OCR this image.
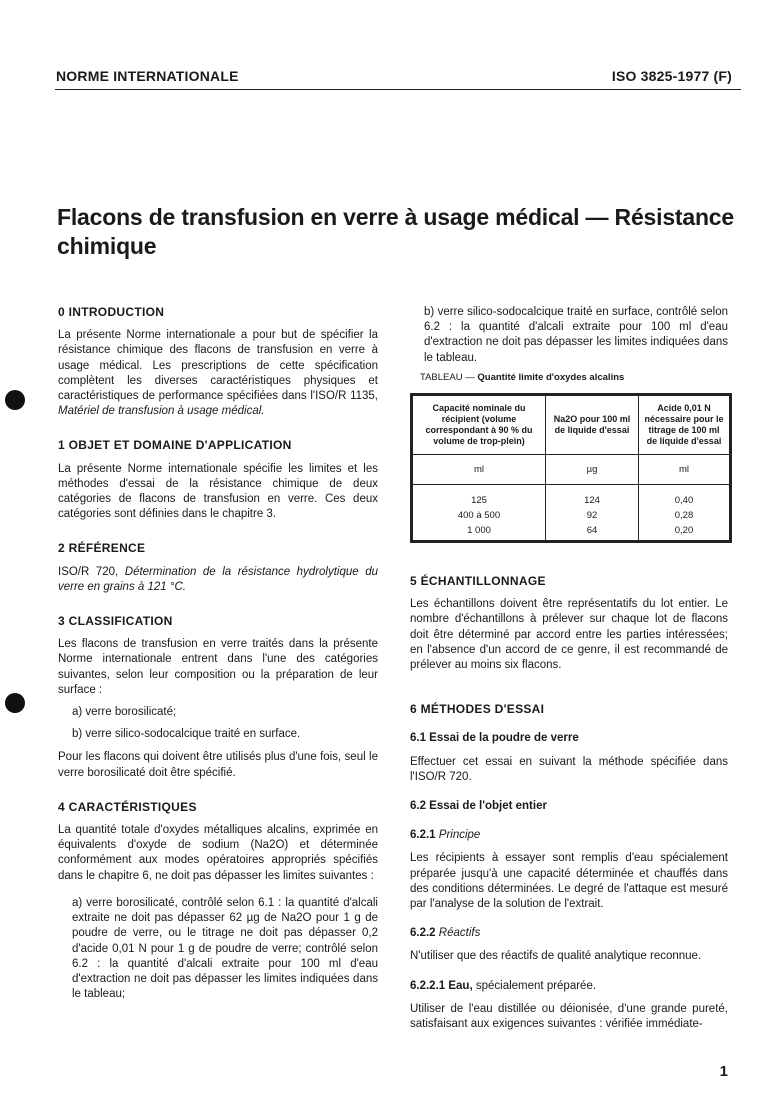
NORME INTERNATIONALE	ISO 3825-1977 (F)
Flacons de transfusion en verre à usage médical — Résistance chimique
0 INTRODUCTION

La présente Norme internationale a pour but de spécifier la résistance chimique des flacons de transfusion en verre à usage médical. Les prescriptions de cette spécification complètent les diverses caractéristiques physiques et caractéristiques de performance spécifiées dans l'ISO/R 1135, Matériel de transfusion à usage médical.

1 OBJET ET DOMAINE D'APPLICATION

La présente Norme internationale spécifie les limites et les méthodes d'essai de la résistance chimique de deux catégories de flacons de transfusion en verre. Ces deux catégories sont définies dans le chapitre 3.

2 RÉFÉRENCE

ISO/R 720, Détermination de la résistance hydrolytique du verre en grains à 121 °C.

3 CLASSIFICATION

Les flacons de transfusion en verre traités dans la présente Norme internationale entrent dans l'une des catégories suivantes, selon leur composition ou la préparation de leur surface :

a) verre borosilicaté;

b) verre silico-sodocalcique traité en surface.

Pour les flacons qui doivent être utilisés plus d'une fois, seul le verre borosilicaté doit être spécifié.

4 CARACTÉRISTIQUES

La quantité totale d'oxydes métalliques alcalins, exprimée en équivalents d'oxyde de sodium (Na2O) et déterminée conformément aux modes opératoires appropriés spécifiés dans le chapitre 6, ne doit pas dépasser les limites suivantes :

a) verre borosilicaté, contrôlé selon 6.1 : la quantité d'alcali extraite ne doit pas dépasser 62 µg de Na2O pour 1 g de poudre de verre, ou le titrage ne doit pas dépasser 0,2 d'acide 0,01 N pour 1 g de poudre de verre; contrôlé selon 6.2 : la quantité d'alcali extraite pour 100 ml d'eau d'extraction ne doit pas dépasser les limites indiquées dans le tableau;

b) verre silico-sodocalcique traité en surface, contrôlé selon 6.2 : la quantité d'alcali extraite pour 100 ml d'eau d'extraction ne doit pas dépasser les limites indiquées dans le tableau.

TABLEAU — Quantité limite d'oxydes alcalins
Capacité nominale du récipient (volume correspondant à 90 % du volume de trop-plein)	Na2O pour 100 ml de liquide d'essai	Acide 0,01 N nécessaire pour le titrage de 100 ml de liquide d'essai
ml	µg	ml
125	124	0,40
400 à 500	92	0,28
1 000	64	0,20
5 ÉCHANTILLONNAGE

Les échantillons doivent être représentatifs du lot entier. Le nombre d'échantillons à prélever sur chaque lot de flacons doit être déterminé par accord entre les parties intéressées; en l'absence d'un accord de ce genre, il est recommandé de prélever au moins six flacons.

6 MÉTHODES D'ESSAI
6.1 Essai de la poudre de verre

Effectuer cet essai en suivant la méthode spécifiée dans l'ISO/R 720.

6.2 Essai de l'objet entier
6.2.1 Principe

Les récipients à essayer sont remplis d'eau spécialement préparée jusqu'à une capacité déterminée et chauffés dans des conditions déterminées. Le degré de l'attaque est mesuré par l'analyse de la solution de l'extrait.

6.2.2 Réactifs

N'utiliser que des réactifs de qualité analytique reconnue.

6.2.2.1 Eau, spécialement préparée.

Utiliser de l'eau distillée ou déionisée, d'une grande pureté, satisfaisant aux exigences suivantes : vérifiée immédiate-

1
